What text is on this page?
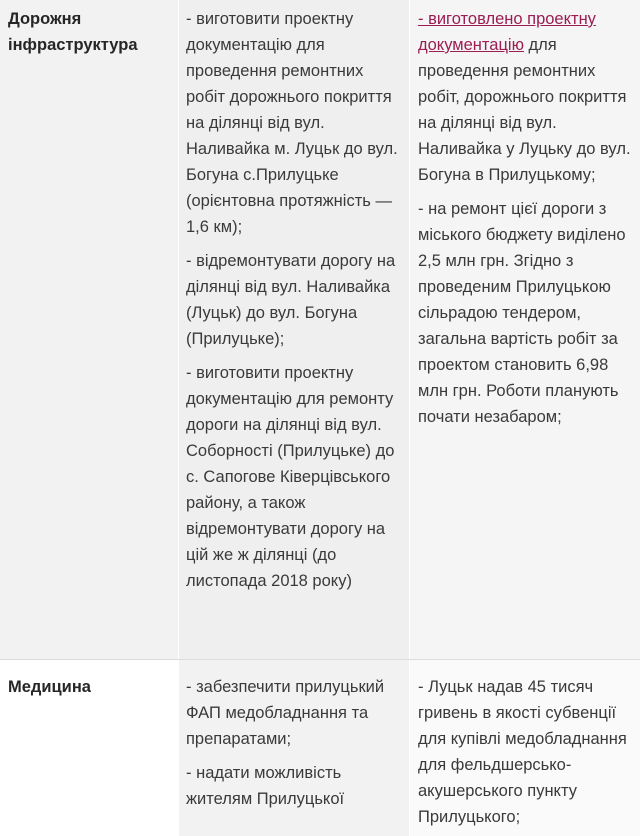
Дорожня інфраструктура

- виготовити проектну документацію для проведення ремонтних робіт дорожнього покриття на ділянці від вул. Наливайка м. Луцьк до вул. Богуна с.Прилуцьке (орієнтовна протяжність —1,6 км);

- відремонтувати дорогу на ділянці від вул. Наливайка (Луцьк) до вул. Богуна (Прилуцьке);

- виготовити проектну документацію для ремонту дороги на ділянці від вул. Соборності (Прилуцьке) до с. Сапогове Ківерцівського району, а також відремонтувати дорогу на цій же ж ділянці (до листопада 2018 року)

- виготовлено проектну документацію для проведення ремонтних робіт, дорожнього покриття на ділянці від вул. Наливайка у Луцьку до вул. Богуна в Прилуцькому;

- на ремонт цієї дороги з міського бюджету виділено 2,5 млн грн. Згідно з проведеним Прилуцькою сільрадою тендером, загальна вартість робіт за проектом становить 6,98 млн грн. Роботи планують почати незабаром;

Медицина	- забезпечити прилуцький ФАП медобладнання та препаратами;

- надати можливість жителям Прилуцької

- Луцьк надав 45 тисяч гривень в якості субвенції для купівлі медобладнання для фельдшерсько-акушерського пункту Прилуцького;
